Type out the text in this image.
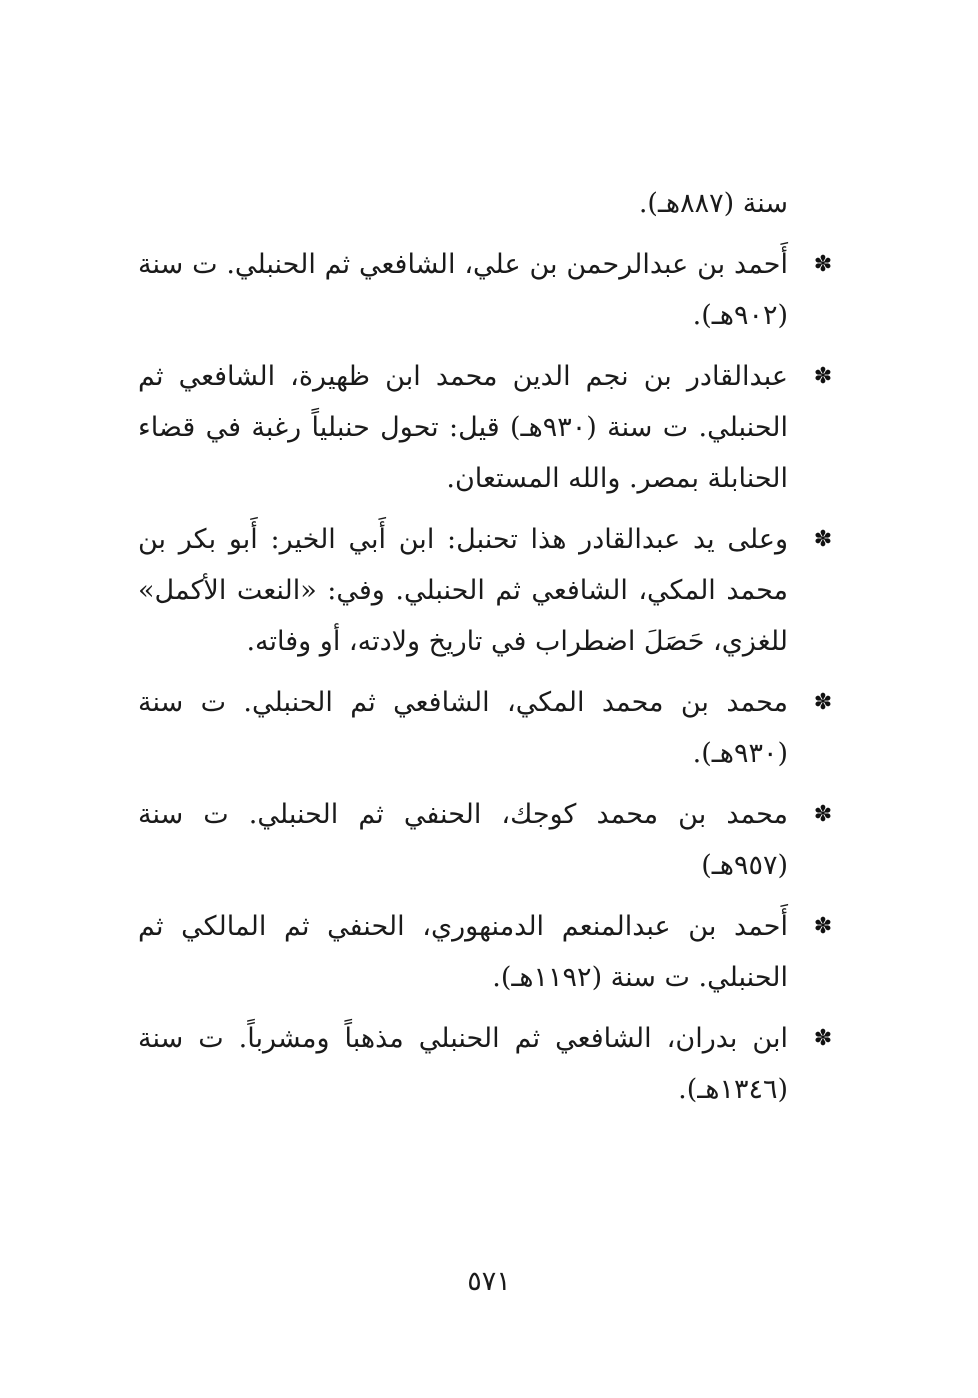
سنة (٨٨٧هـ).

✽
أَحمد بن عبدالرحمن بن علي، الشافعي ثم الحنبلي. ت سنة (٩٠٢هـ).
✽
عبدالقادر بن نجم الدين محمد ابن ظهيرة، الشافعي ثم الحنبلي. ت سنة (٩٣٠هـ) قيل: تحول حنبلياً رغبة في قضاء الحنابلة بمصر. والله المستعان.
✽
وعلى يد عبدالقادر هذا تحنبل: ابن أَبي الخير: أَبو بكر بن محمد المكي، الشافعي ثم الحنبلي. وفي: «النعت الأكمل» للغزي، حَصَلَ اضطراب في تاريخ ولادته، أو وفاته.
✽
محمد بن محمد المكي، الشافعي ثم الحنبلي. ت سنة (٩٣٠هـ).
✽
محمد بن محمد كوجك، الحنفي ثم الحنبلي. ت سنة (٩٥٧هـ)
✽
أَحمد بن عبدالمنعم الدمنهوري، الحنفي ثم المالكي ثم الحنبلي. ت سنة (١١٩٢هـ).
✽
ابن بدران، الشافعي ثم الحنبلي مذهباً ومشرباً. ت سنة (١٣٤٦هـ).
٥٧١
